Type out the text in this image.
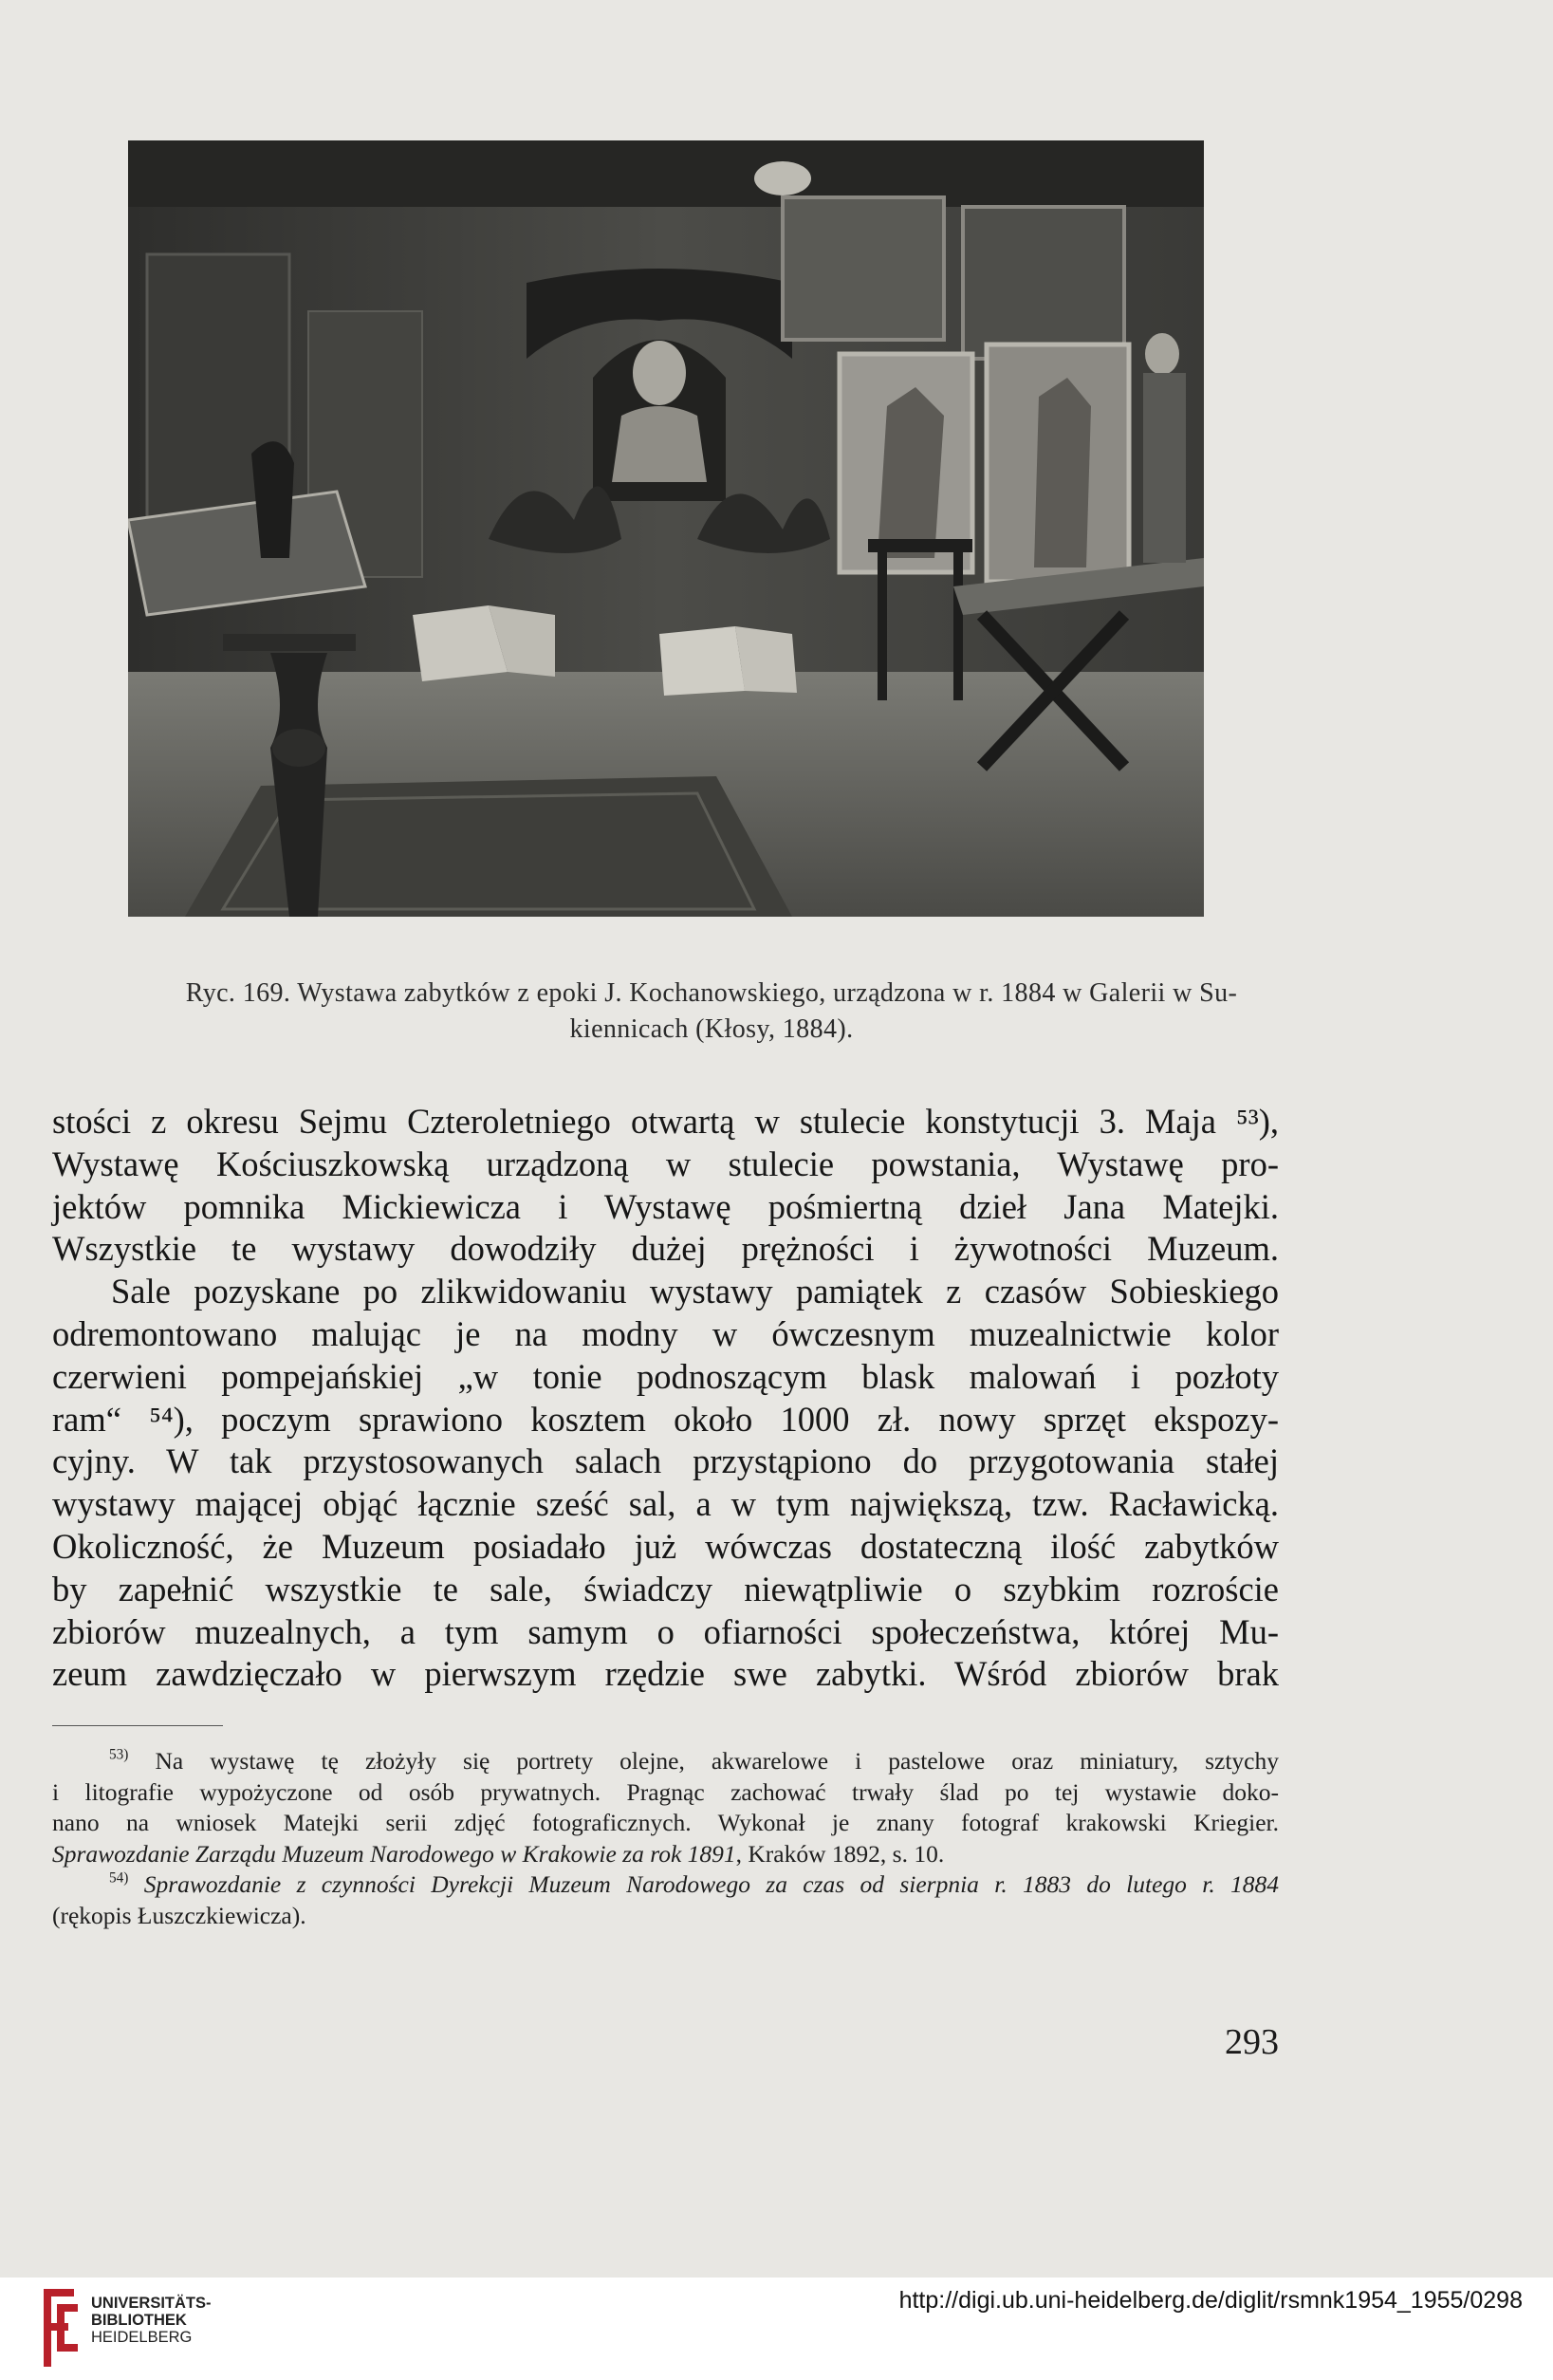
Ryc. 169. Wystawa zabytków z epoki J. Kochanowskiego, urządzona w r. 1884 w Galerii w Su-
kiennicach (Kłosy, 1884).
stości z okresu Sejmu Czteroletniego otwartą w stulecie konstytucji 3. Maja ⁵³),
Wystawę Kościuszkowską urządzoną w stulecie powstania, Wystawę pro-
jektów pomnika Mickiewicza i Wystawę pośmiertną dzieł Jana Matejki.
Wszystkie te wystawy dowodziły dużej prężności i żywotności Muzeum.
Sale pozyskane po zlikwidowaniu wystawy pamiątek z czasów Sobieskiego
odremontowano malując je na modny w ówczesnym muzealnictwie kolor
czerwieni pompejańskiej „w tonie podnoszącym blask malowań i pozłoty
ram“ ⁵⁴), poczym sprawiono kosztem około 1000 zł. nowy sprzęt ekspozy-
cyjny. W tak przystosowanych salach przystąpiono do przygotowania stałej
wystawy mającej objąć łącznie sześć sal, a w tym największą, tzw. Racławicką.
Okoliczność, że Muzeum posiadało już wówczas dostateczną ilość zabytków
by zapełnić wszystkie te sale, świadczy niewątpliwie o szybkim rozroście
zbiorów muzealnych, a tym samym o ofiarności społeczeństwa, której Mu-
zeum zawdzięczało w pierwszym rzędzie swe zabytki. Wśród zbiorów brak
$^{53)}$ Na wystawę tę złożyły się portrety olejne, akwarelowe i pastelowe oraz miniatury, sztychy
i litografie wypożyczone od osób prywatnych. Pragnąc zachować trwały ślad po tej wystawie doko-
nano na wniosek Matejki serii zdjęć fotograficznych. Wykonał je znany fotograf krakowski Kriegier.
Sprawozdanie Zarządu Muzeum Narodowego w Krakowie za rok 1891, Kraków 1892, s. 10.
$^{54)}$ Sprawozdanie z czynności Dyrekcji Muzeum Narodowego za czas od sierpnia r. 1883 do lutego r. 1884
(rękopis Łuszczkiewicza).
293
UNIVERSITÄTS-
BIBLIOTHEK
HEIDELBERG
http://digi.ub.uni-heidelberg.de/diglit/rsmnk1954_1955/0298
